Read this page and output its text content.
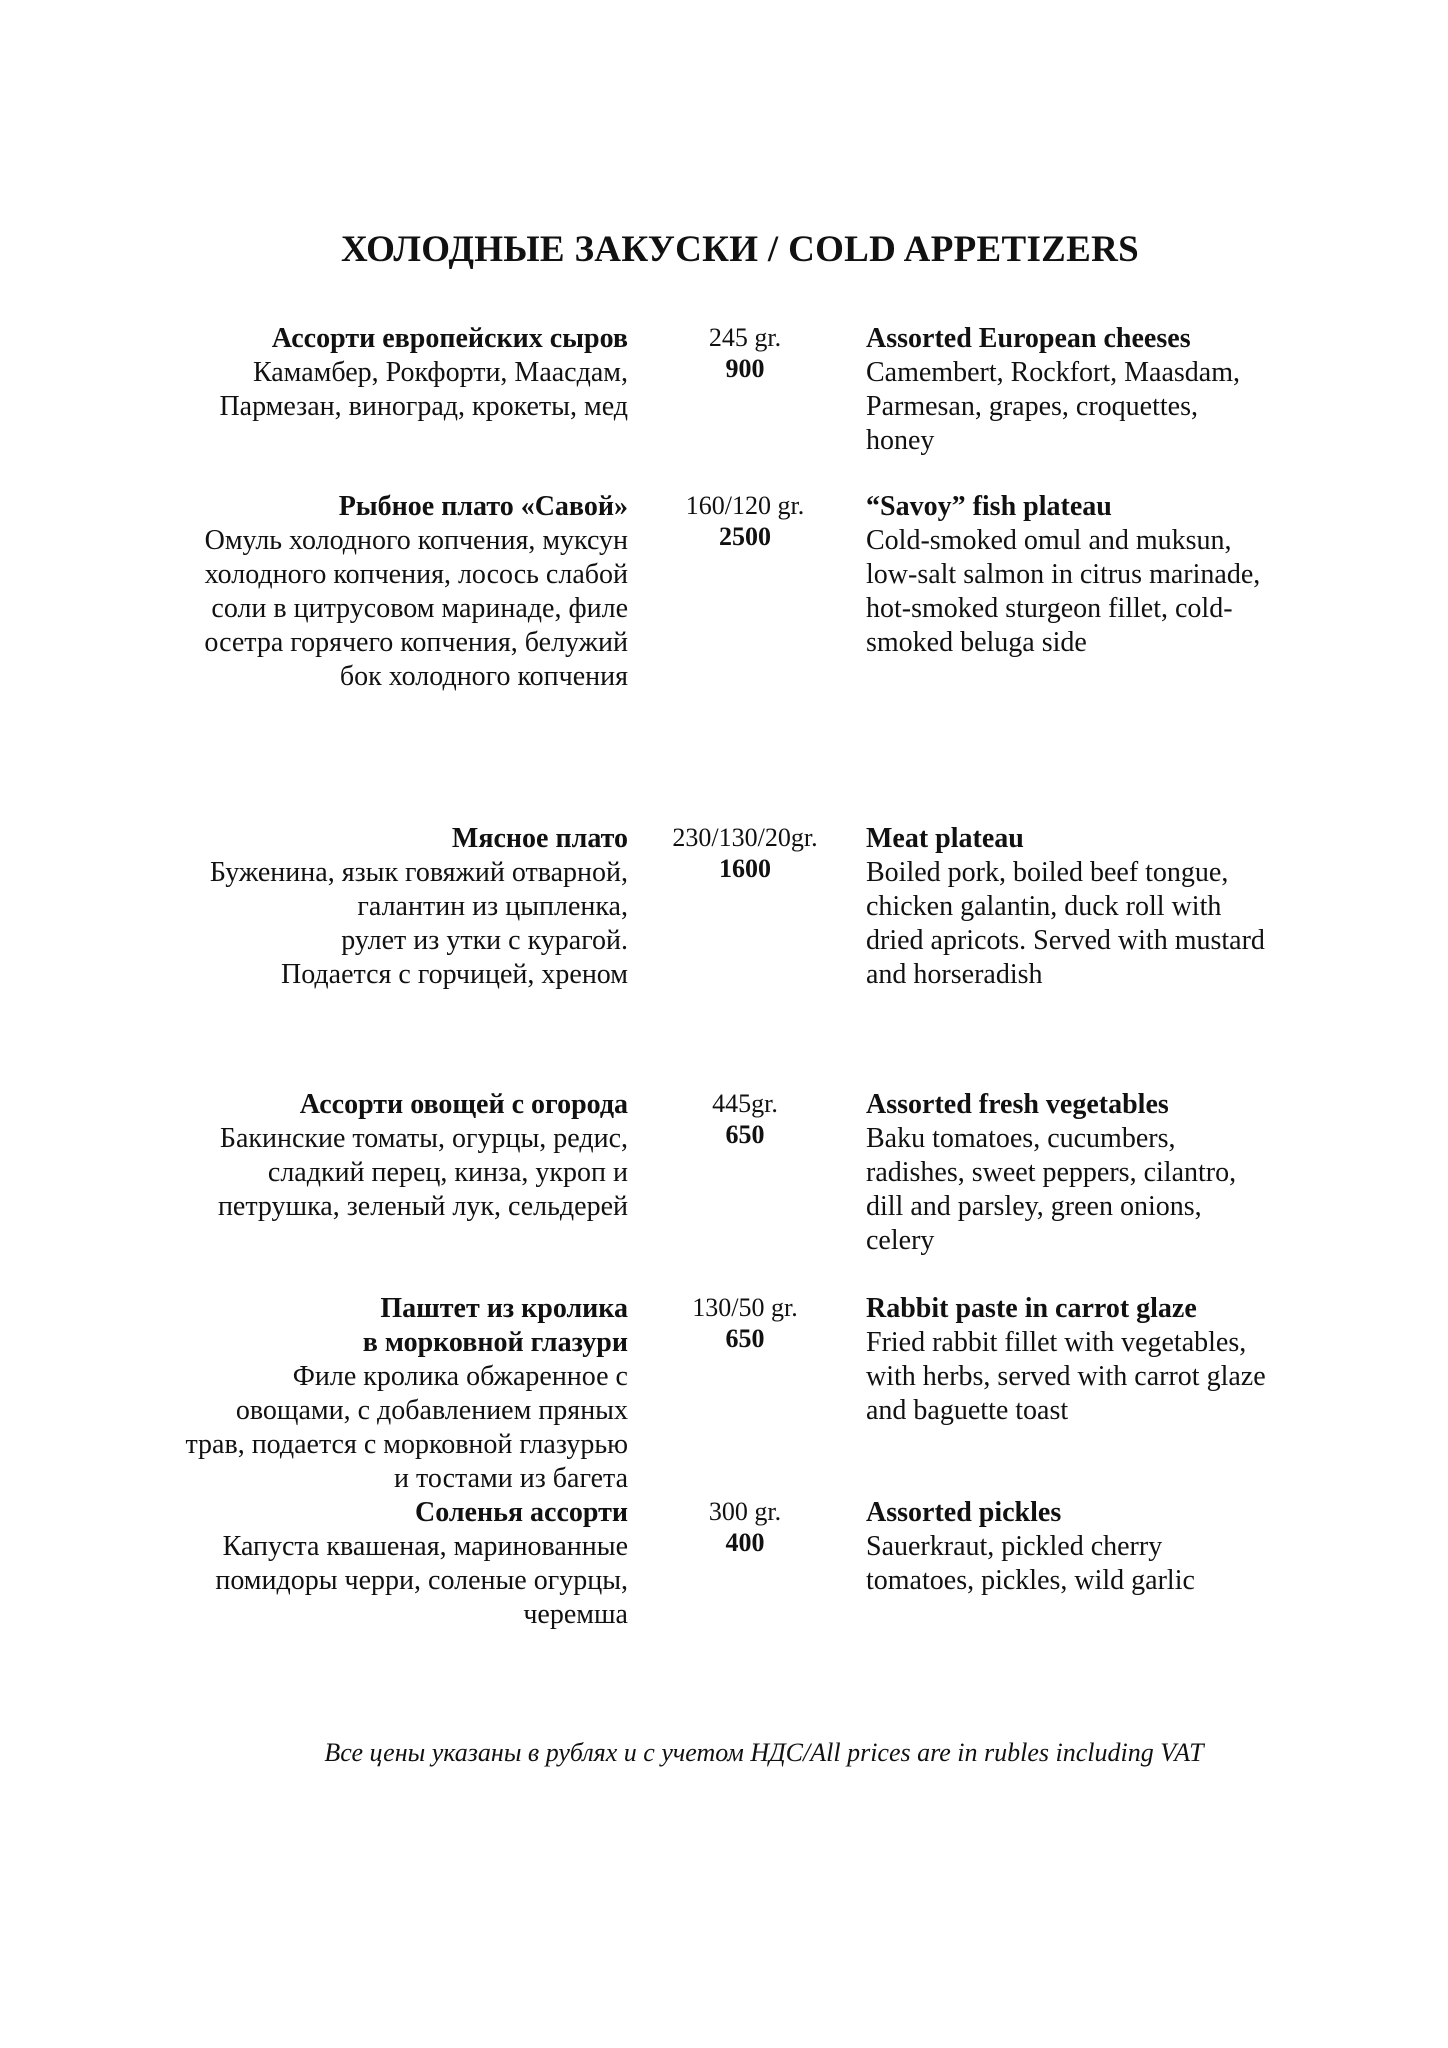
ХОЛОДНЫЕ ЗАКУСКИ / COLD APPETIZERS
Ассорти европейских сыров
Камамбер, Рокфорти, Маасдам,
Пармезан, виноград, крокеты, мед
245 gr.
900
Assorted European cheeses
Camembert, Rockfort, Maasdam,
Parmesan, grapes, croquettes,
honey
Рыбное плато «Савой»
Омуль холодного копчения, муксун
холодного копчения, лосось слабой
соли в цитрусовом маринаде, филе
осетра горячего копчения, белужий
бок холодного копчения
160/120 gr.
2500
“Savoy” fish plateau
Cold-smoked omul and muksun,
low-salt salmon in citrus marinade,
hot-smoked sturgeon fillet, cold-
smoked beluga side
Мясное плато
Буженина, язык говяжий отварной,
галантин из цыпленка,
рулет из утки с курагой.
Подается с горчицей, хреном
230/130/20gr.
1600
Meat plateau
Boiled pork, boiled beef tongue,
chicken galantin, duck roll with
dried apricots. Served with mustard
and horseradish
Ассорти овощей с огорода
Бакинские томаты, огурцы, редис,
сладкий перец, кинза, укроп и
петрушка, зеленый лук, сельдерей
445gr.
650
Assorted fresh vegetables
Baku tomatoes, cucumbers,
radishes, sweet peppers, cilantro,
dill and parsley, green onions,
celery
Паштет из кролика
в морковной глазури
Филе кролика обжаренное с
овощами, с добавлением пряных
трав, подается с морковной глазурью
и тостами из багета
130/50 gr.
650
Rabbit paste in carrot glaze
Fried rabbit fillet with vegetables,
with herbs, served with carrot glaze
and baguette toast
Соленья ассорти
Капуста квашеная, маринованные
помидоры черри, соленые огурцы,
черемша
300 gr.
400
Assorted pickles
Sauerkraut, pickled cherry
tomatoes, pickles, wild garlic
Все цены указаны в рублях и с учетом НДС/All prices are in rubles including VAT
